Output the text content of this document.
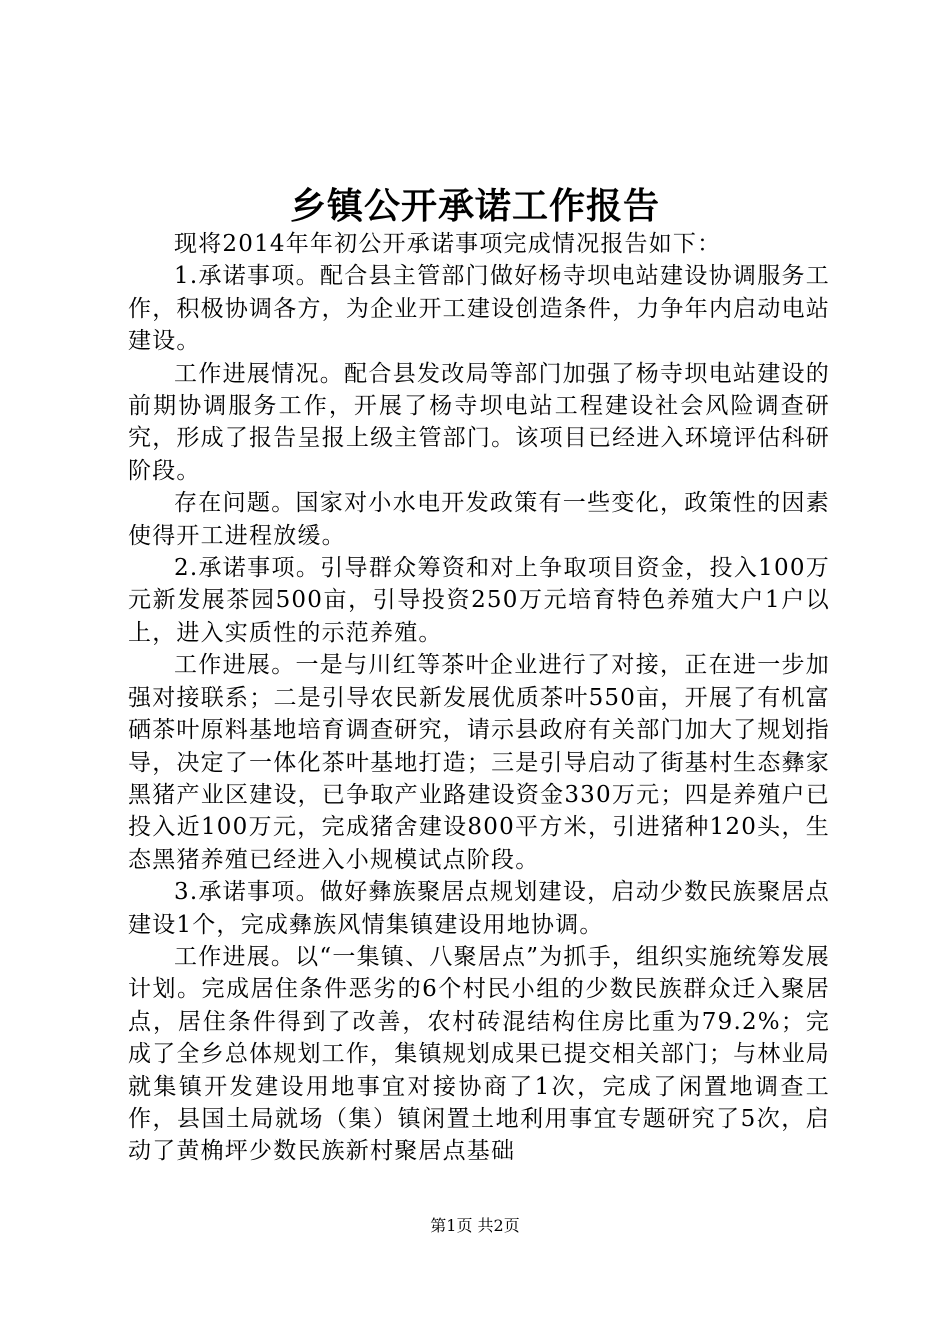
乡镇公开承诺工作报告

现将2014年年初公开承诺事项完成情况报告如下：

1.承诺事项。配合县主管部门做好杨寺坝电站建设协调服务工作，积极协调各方，为企业开工建设创造条件，力争年内启动电站建设。

工作进展情况。配合县发改局等部门加强了杨寺坝电站建设的前期协调服务工作，开展了杨寺坝电站工程建设社会风险调查研究，形成了报告呈报上级主管部门。该项目已经进入环境评估科研阶段。

存在问题。国家对小水电开发政策有一些变化，政策性的因素使得开工进程放缓。

2.承诺事项。引导群众筹资和对上争取项目资金，投入100万元新发展茶园500亩，引导投资250万元培育特色养殖大户1户以上，进入实质性的示范养殖。

工作进展。一是与川红等茶叶企业进行了对接，正在进一步加强对接联系；二是引导农民新发展优质茶叶550亩，开展了有机富硒茶叶原料基地培育调查研究，请示县政府有关部门加大了规划指导，决定了一体化茶叶基地打造；三是引导启动了街基村生态彝家黑猪产业区建设，已争取产业路建设资金330万元；四是养殖户已投入近100万元，完成猪舍建设800平方米，引进猪种120头，生态黑猪养殖已经进入小规模试点阶段。

3.承诺事项。做好彝族聚居点规划建设，启动少数民族聚居点建设1个，完成彝族风情集镇建设用地协调。

工作进展。以“一集镇、八聚居点”为抓手，组织实施统筹发展计划。完成居住条件恶劣的6个村民小组的少数民族群众迁入聚居点，居住条件得到了改善，农村砖混结构住房比重为79.2%；完成了全乡总体规划工作，集镇规划成果已提交相关部门；与林业局就集镇开发建设用地事宜对接协商了1次，完成了闲置地调查工作，县国土局就场（集）镇闲置土地利用事宜专题研究了5次，启动了黄桷坪少数民族新村聚居点基础

第1页 共2页
